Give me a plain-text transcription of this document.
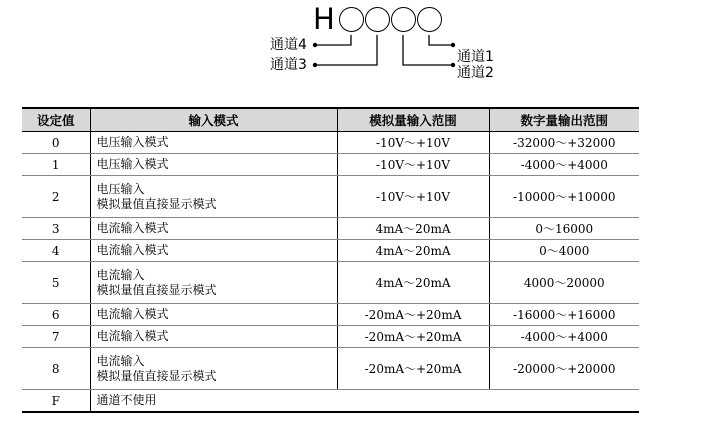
H
通道4
通道3	通道1
通道2
设定值	输入模式	模拟量输入范围	数字量输出范围
0	电压输入模式	-10V～+10V	-32000～+32000
1	电压输入模式	-10V～+10V	-4000～+4000
2	电压输入
模拟量值直接显示模式	-10V～+10V	-10000～+10000
3	电流输入模式	4mA～20mA	0～16000
4	电流输入模式	4mA～20mA	0～4000
5	电流输入
模拟量值直接显示模式	4mA～20mA	4000～20000
6	电流输入模式	-20mA～+20mA	-16000～+16000
7	电流输入模式	-20mA～+20mA	-4000～+4000
8	电流输入
模拟量值直接显示模式	-20mA～+20mA	-20000～+20000
F	通道不使用		
